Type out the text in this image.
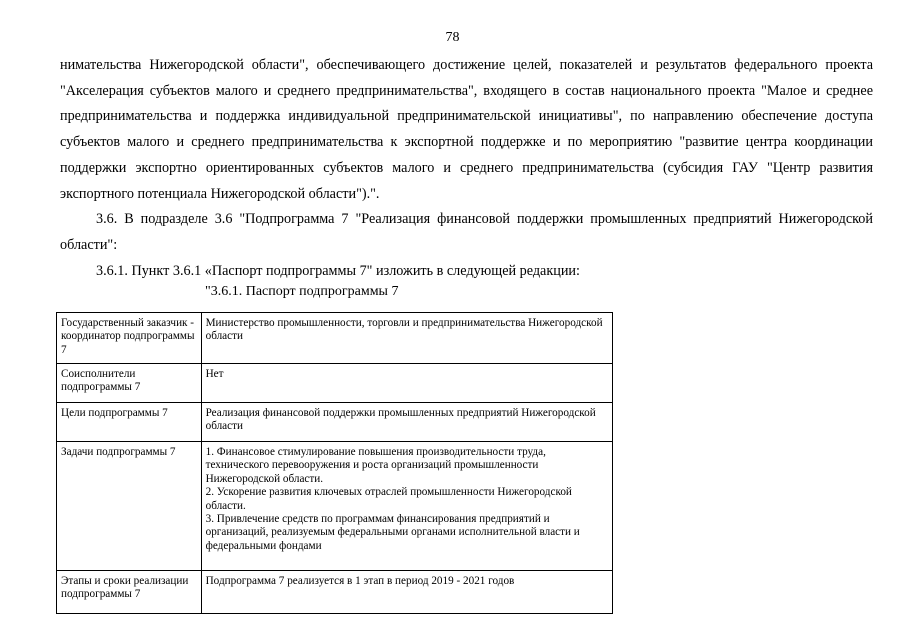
78

нимательства Нижегородской области", обеспечивающего достижение целей, показателей и результатов федерального проекта "Акселерация субъектов малого и среднего предпринимательства", входящего в состав национального проекта "Малое и среднее предпринимательства и поддержка индивидуальной предпринимательской инициативы", по направлению обеспечение доступа субъектов малого и среднего предпринимательства к экспортной поддержке и по мероприятию "развитие центра координации поддержки экспортно ориентированных субъектов малого и среднего предпринимательства (субсидия ГАУ "Центр развития экспортного потенциала Нижегородской области").".

3.6. В подразделе 3.6 "Подпрограмма 7 "Реализация финансовой поддержки промышленных предприятий Нижегородской области":

3.6.1. Пункт 3.6.1 «Паспорт подпрограммы 7" изложить в следующей редакции:

"3.6.1. Паспорт подпрограммы 7
Государственный заказчик - координатор подпрограммы 7	Министерство промышленности, торговли и предпринимательства Нижегородской области
Соисполнители подпрограммы 7	Нет
Цели подпрограммы 7	Реализация финансовой поддержки промышленных предприятий Нижегородской области
Задачи подпрограммы 7	1. Финансовое стимулирование повышения производительности труда, технического перевооружения и роста организаций промышленности Нижегородской области.
2. Ускорение развития ключевых отраслей промышленности Нижегородской области.
3. Привлечение средств по программам финансирования предприятий и организаций, реализуемым федеральными органами исполнительной власти и федеральными фондами

Этапы и сроки реализации подпрограммы 7	Подпрограмма 7 реализуется в 1 этап в период 2019 - 2021 годов
